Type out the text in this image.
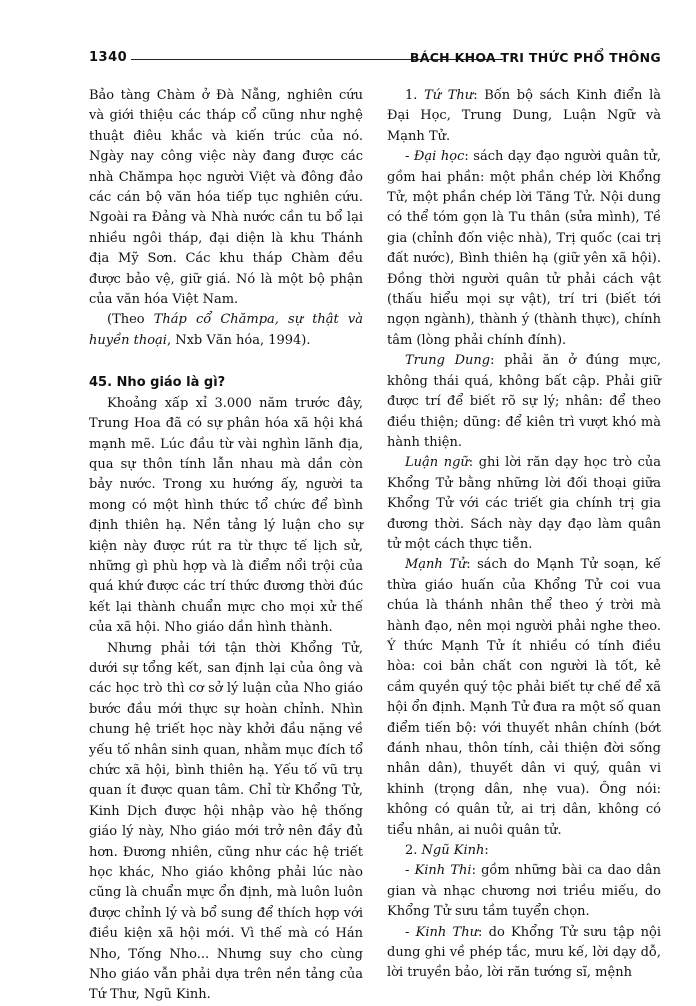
1340	BÁCH KHOA TRI THỨC PHỔ THÔNG

Bảo tàng Chàm ở Đà Nẵng, nghiên cứu và giới thiệu các tháp cổ cũng như nghệ thuật điêu khắc và kiến trúc của nó. Ngày nay công việc này đang được các nhà Chămpa học người Việt và đông đảo các cán bộ văn hóa tiếp tục nghiên cứu. Ngoài ra Đảng và Nhà nước cần tu bổ lại nhiều ngôi tháp, đại diện là khu Thánh địa Mỹ Sơn. Các khu tháp Chàm đều được bảo vệ, giữ giá. Nó là một bộ phận của văn hóa Việt Nam.

(Theo Tháp cổ Chămpa, sự thật và huyền thoại, Nxb Văn hóa, 1994).

45. Nho giáo là gì?

Khoảng xấp xỉ 3.000 năm trước đây, Trung Hoa đã có sự phân hóa xã hội khá mạnh mẽ. Lúc đầu từ vài nghìn lãnh địa, qua sự thôn tính lẫn nhau mà dần còn bảy nước. Trong xu hướng ấy, người ta mong có một hình thức tổ chức để bình định thiên hạ. Nền tảng lý luận cho sự kiện này được rút ra từ thực tế lịch sử, những gì phù hợp và là điểm nổi trội của quá khứ được các trí thức đương thời đúc kết lại thành chuẩn mực cho mọi xử thế của xã hội. Nho giáo dần hình thành.

Nhưng phải tới tận thời Khổng Tử, dưới sự tổng kết, san định lại của ông và các học trò thì cơ sở lý luận của Nho giáo bước đầu mới thực sự hoàn chỉnh. Nhìn chung hệ triết học này khởi đầu nặng về yếu tố nhân sinh quan, nhằm mục đích tổ chức xã hội, bình thiên hạ. Yếu tố vũ trụ quan ít được quan tâm. Chỉ từ Khổng Tử, Kinh Dịch được hội nhập vào hệ thống giáo lý này, Nho giáo mới trở nên đầy đủ hơn. Đương nhiên, cũng như các hệ triết học khác, Nho giáo không phải lúc nào cũng là chuẩn mực ổn định, mà luôn luôn được chỉnh lý và bổ sung để thích hợp với điều kiện xã hội mới. Vì thế mà có Hán Nho, Tống Nho... Nhưng suy cho cùng Nho giáo vẫn phải dựa trên nền tảng của Tứ Thư, Ngũ Kinh.

1. Tứ Thư: Bốn bộ sách Kinh điển là Đại Học, Trung Dung, Luận Ngữ và Mạnh Tử.

- Đại học: sách dạy đạo người quân tử, gồm hai phần: một phần chép lời Khổng Tử, một phần chép lời Tăng Tử. Nội dung có thể tóm gọn là Tu thân (sửa mình), Tề gia (chỉnh đốn việc nhà), Trị quốc (cai trị đất nước), Bình thiên hạ (giữ yên xã hội). Đồng thời người quân tử phải cách vật (thấu hiểu mọi sự vật), trí tri (biết tới ngọn ngành), thành ý (thành thực), chính tâm (lòng phải chính đính).

Trung Dung: phải ăn ở đúng mực, không thái quá, không bất cập. Phải giữ được trí để biết rõ sự lý; nhân: để theo điều thiện; dũng: để kiên trì vượt khó mà hành thiện.

Luận ngữ: ghi lời răn dạy học trò của Khổng Tử bằng những lời đối thoại giữa Khổng Tử với các triết gia chính trị gia đương thời. Sách này dạy đạo làm quân tử một cách thực tiễn.

Mạnh Tử: sách do Mạnh Tử soạn, kế thừa giáo huấn của Khổng Tử coi vua chúa là thánh nhân thể theo ý trời mà hành đạo, nên mọi người phải nghe theo. Ý thức Mạnh Tử ít nhiều có tính điều hòa: coi bản chất con người là tốt, kẻ cầm quyền quý tộc phải biết tự chế để xã hội ổn định. Mạnh Tử đưa ra một số quan điểm tiến bộ: với thuyết nhân chính (bớt đánh nhau, thôn tính, cải thiện đời sống nhân dân), thuyết dân vi quý, quân vi khinh (trọng dân, nhẹ vua). Ông nói: không có quân tử, ai trị dân, không có tiểu nhân, ai nuôi quân tử.

2. Ngũ Kinh:

- Kinh Thi: gồm những bài ca dao dân gian và nhạc chương nơi triều miếu, do Khổng Tử sưu tầm tuyển chọn.

- Kinh Thư: do Khổng Tử sưu tập nội dung ghi về phép tắc, mưu kế, lời dạy dỗ, lời truyền bảo, lời răn tướng sĩ, mệnh
